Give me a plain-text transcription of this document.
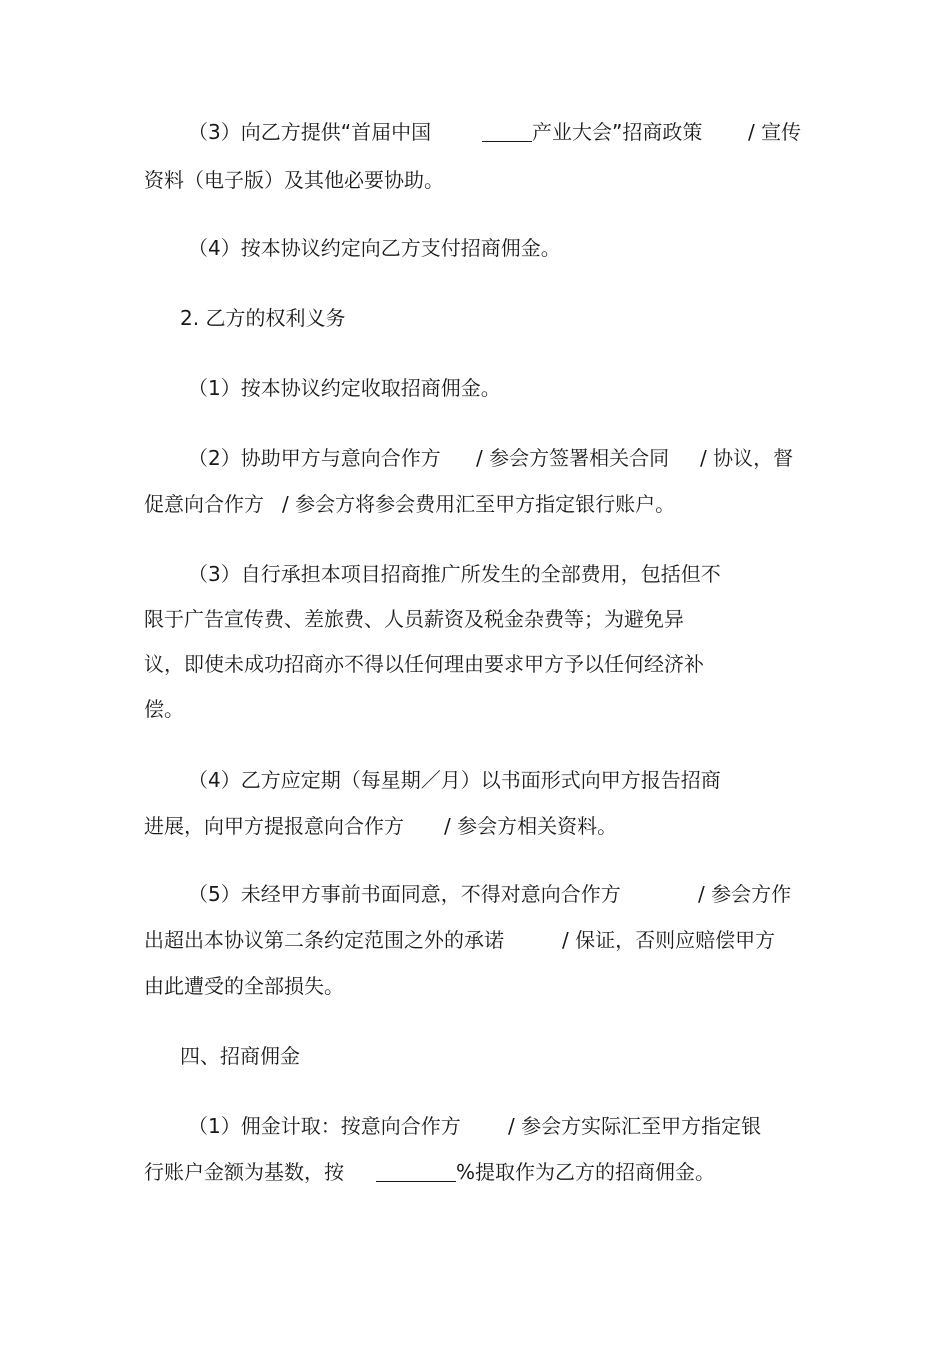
（3）向乙方提供“首届中国	产业大会”招商政策 / 宣传
资料（电子版）及其他必要协助。
（4）按本协议约定向乙方支付招商佣金。
2. 乙方的权利义务
（1）按本协议约定收取招商佣金。
（2）协助甲方与意向合作方 / 参会方签署相关合同 / 协议，督
促意向合作方 / 参会方将参会费用汇至甲方指定银行账户。
（3）自行承担本项目招商推广所发生的全部费用，包括但不
限于广告宣传费、差旅费、人员薪资及税金杂费等；为避免异
议，即使未成功招商亦不得以任何理由要求甲方予以任何经济补
偿。
（4）乙方应定期（每星期／月）以书面形式向甲方报告招商
进展，向甲方提报意向合作方 / 参会方相关资料。
（5）未经甲方事前书面同意，不得对意向合作方	/ 参会方作
出超出本协议第二条约定范围之外的承诺	/ 保证，否则应赔偿甲方
由此遭受的全部损失。
四、招商佣金
（1）佣金计取：按意向合作方 / 参会方实际汇至甲方指定银
行账户金额为基数，按	%提取作为乙方的招商佣金。
